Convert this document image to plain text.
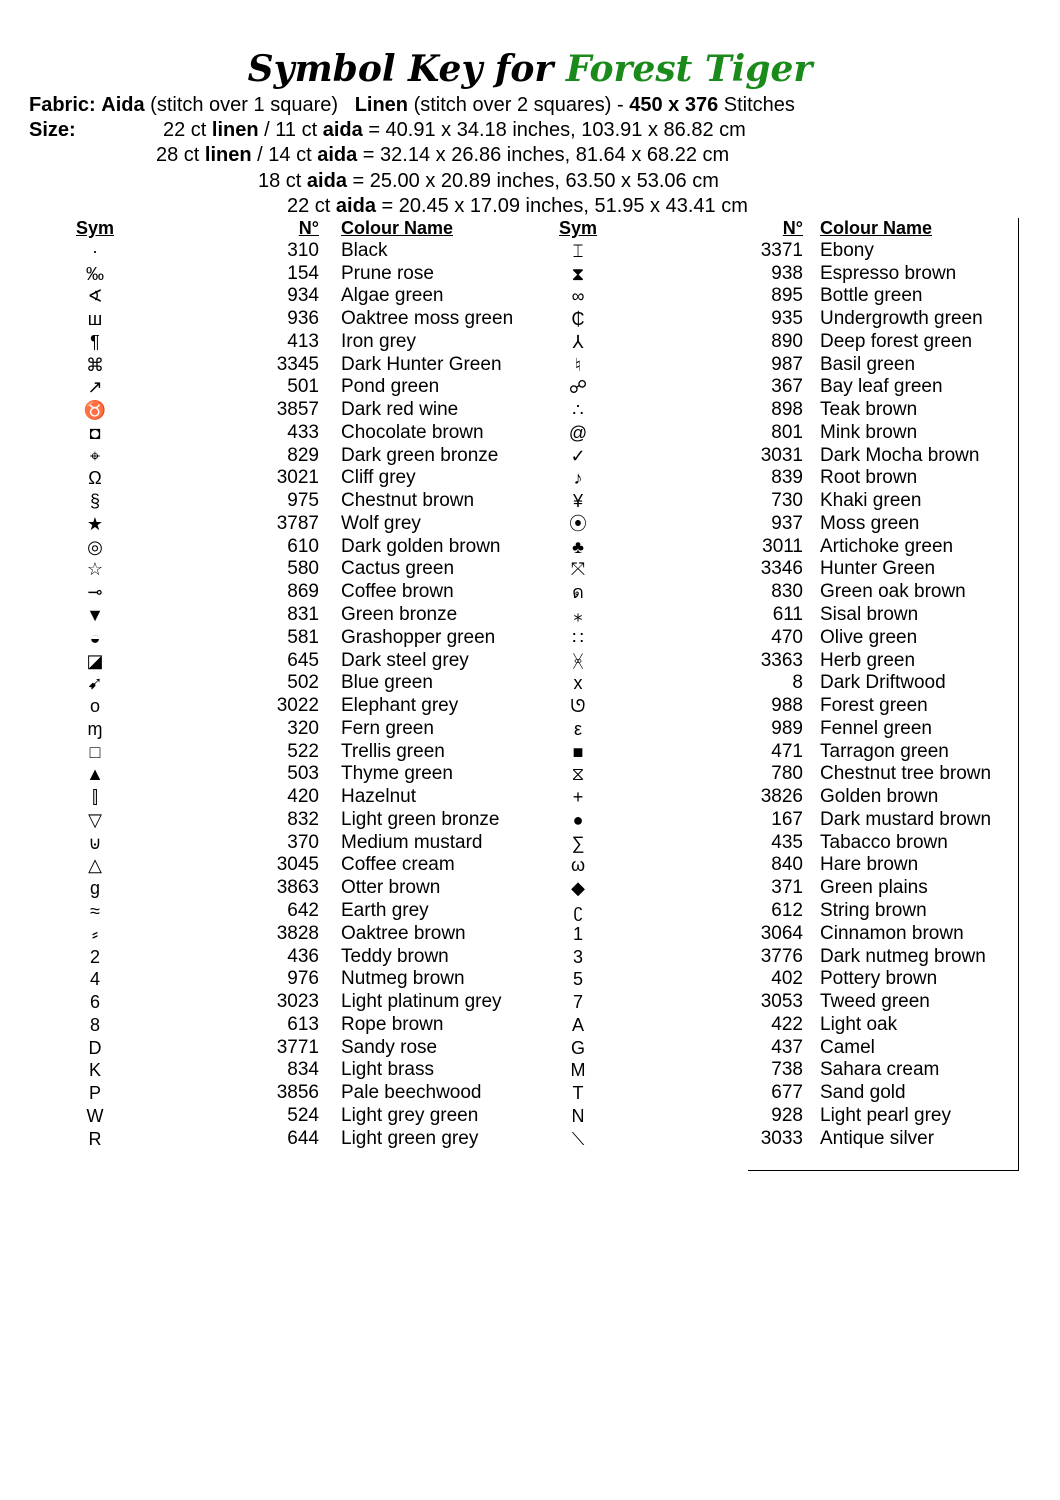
Symbol Key for Forest Tiger
Fabric: Aida (stitch over 1 square) Linen (stitch over 2 squares) - 450 x 376 Stitches
Size:	22 ct linen / 11 ct aida = 40.91 x 34.18 inches, 103.91 x 86.82 cm
28 ct linen / 14 ct aida = 32.14 x 26.86 inches, 81.64 x 68.22 cm
18 ct aida = 25.00 x 20.89 inches, 63.50 x 53.06 cm
22 ct aida = 20.45 x 17.09 inches, 51.95 x 43.41 cm
Sym	N° Colour Name
·	310 Black
‰	154 Prune rose
∢	934 Algae green
ш	936 Oaktree moss green
¶	413 Iron grey
⌘	3345 Dark Hunter Green
↗	501 Pond green
♉	3857 Dark red wine
◘	433 Chocolate brown
⌖	829 Dark green bronze
Ω	3021 Cliff grey
§	975 Chestnut brown
★	3787 Wolf grey
◎	610 Dark golden brown
☆	580 Cactus green
⊸	869 Coffee brown
▼	831 Green bronze
◒	581 Grashopper green
◪	645 Dark steel grey
➹	502 Blue green
o	3022 Elephant grey
ɱ	320 Fern green
□	522 Trellis green
▲	503 Thyme green
⫿	420 Hazelnut
▽	832 Light green bronze
⊍	370 Medium mustard
△	3045 Coffee cream
g	3863 Otter brown
≈	642 Earth grey
⸗	3828 Oaktree brown
2	436 Teddy brown
4	976 Nutmeg brown
6	3023 Light platinum grey
8	613 Rope brown
D	3771 Sandy rose
K	834 Light brass
P	3856 Pale beechwood
W	524 Light grey green
R	644 Light green grey
Sym	N° Colour Name
⌶	3371 Ebony
⧗	938 Espresso brown
∞	895 Bottle green
₵	935 Undergrowth green
⅄	890 Deep forest green
♮	987 Basil green
☍	367 Bay leaf green
∴	898 Teak brown
@	801 Mink brown
✓	3031 Dark Mocha brown
♪	839 Root brown
¥	730 Khaki green
⦿	937 Moss green
♣	3011 Artichoke green
⤧	3346 Hunter Green
ด	830 Green oak brown
⁎	611 Sisal brown
∷	470 Olive green
ᚸ	3363 Herb green
x	8 Dark Driftwood
ᘎ	988 Forest green
ε	989 Fennel green
■	471 Tarragon green
⧖	780 Chestnut tree brown
+	3826 Golden brown
●	167 Dark mustard brown
∑	435 Tabacco brown
ω	840 Hare brown
◆	371 Green plains
ʗ	612 String brown
1	3064 Cinnamon brown
3	3776 Dark nutmeg brown
5	402 Pottery brown
7	3053 Tweed green
A	422 Light oak
G	437 Camel
M	738 Sahara cream
T	677 Sand gold
N	928 Light pearl grey
⟍	3033 Antique silver
